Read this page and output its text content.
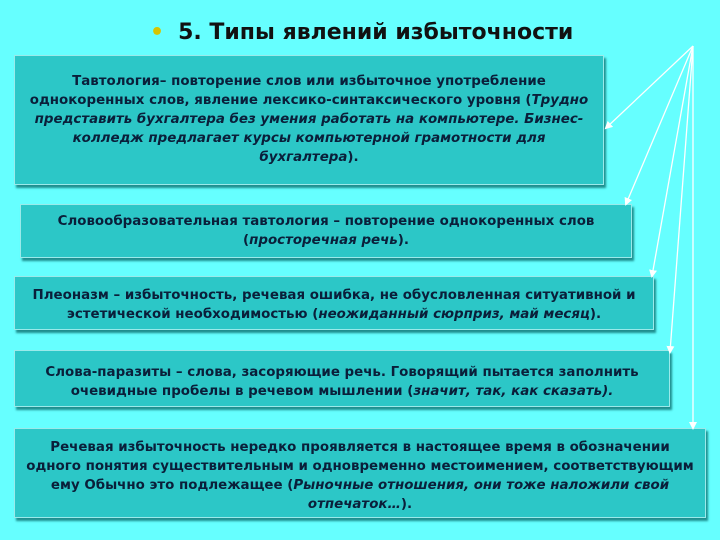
• 5. Типы явлений избыточности
Тавтология– повторение слов или избыточное употребление однокоренных слов, явление лексико-синтаксического уровня (Трудно представить бухгалтера без умения работать на компьютере. Бизнес-колледж предлагает курсы компьютерной грамотности для бухгалтера).
Словообразовательная тавтология – повторение однокоренных слов
(просторечная речь).
Плеоназм – избыточность, речевая ошибка, не обусловленная ситуативной и эстетической необходимостью (неожиданный сюрприз, май месяц).
Слова-паразиты – слова, засоряющие речь. Говорящий пытается заполнить очевидные пробелы в речевом мышлении (значит, так, как сказать).
Речевая избыточность нередко проявляется в настоящее время в обозначении
одного понятия существительным и одновременно местоимением, соответствующим
ему Обычно это подлежащее (Рыночные отношения, они тоже наложили свой отпечаток…).
